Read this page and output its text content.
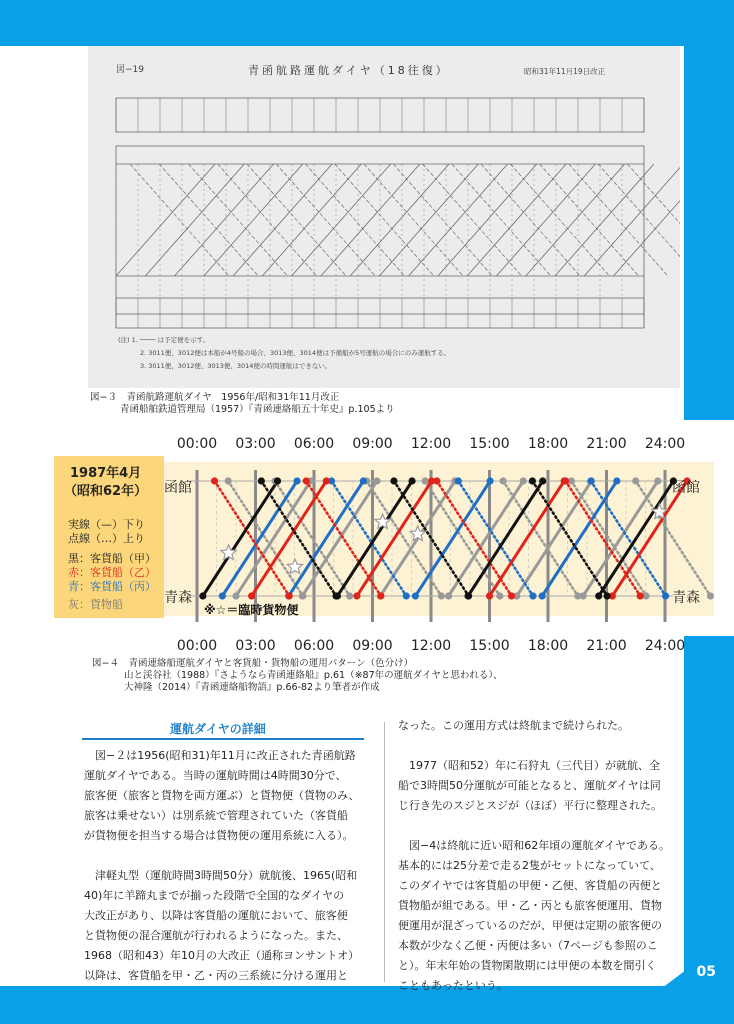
05
図−19	青函航路運航ダイヤ（18往復）	昭和31年11月19日改正
(注) 1. ──── は予定便を示す。
2. 3011便、3012便は本船が4号船の場合、3013便、3014便は予備船が5号運航の場合にのみ運航する。
3. 3011便、3012便、3013便、3014便の時間運航はできない。
図−３　 青函航路運航ダイヤ　1956年/昭和31年11月改正
青函船舶鉄道管理局（1957）『青函連絡船五十年史』p.105より
00:00 03:00 06:00 09:00 12:00 15:00 18:00 21:00 24:00
00:00 03:00 06:00 09:00 12:00 15:00 18:00 21:00 24:00
函館	函館
青森	青森
※☆＝臨時貨物便
1987年4月
（昭和62年）
実線（—）下り
点線（…）上り
黒：客貨船（甲）
赤：客貨船（乙）
青：客貨船（丙）
灰：貨物船
図−４　 青函連絡船運航ダイヤと客貨船・貨物船の運用パターン（色分け）
山と渓谷社（1988）『さようなら青函連絡船』p.61（※87年の運航ダイヤと思われる）、
大神隆（2014）『青函連絡船物語』p.66-82より筆者が作成
運航ダイヤの詳細

　図−２は1956(昭和31)年11月に改正された青函航路

運航ダイヤである。当時の運航時間は4時間30分で、

旅客便（旅客と貨物を両方運ぶ）と貨物便（貨物のみ、

旅客は乗せない）は別系統で管理されていた（客貨船

が貨物便を担当する場合は貨物便の運用系統に入る）。

　津軽丸型（運航時間3時間50分）就航後、1965(昭和

40)年に羊蹄丸までが揃った段階で全国的なダイヤの

大改正があり、以降は客貨船の運航において、旅客便

と貨物便の混合運航が行われるようになった。また、

1968（昭和43）年10月の大改正（通称ヨンサントオ）

以降は、客貨船を甲・乙・丙の三系統に分ける運用と

なった。この運用方式は終航まで続けられた。

　1977（昭和52）年に石狩丸（三代目）が就航、全

船で3時間50分運航が可能となると、運航ダイヤは同

じ行き先のスジとスジが（ほぼ）平行に整理された。

　図−4は終航に近い昭和62年頃の運航ダイヤである。

基本的には25分差で走る2隻がセットになっていて、

このダイヤでは客貨船の甲便・乙便、客貨船の丙便と

貨物船が組である。甲・乙・丙とも旅客便運用、貨物

便運用が混ざっているのだが、甲便は定期の旅客便の

本数が少なく乙便・丙便は多い（7ページも参照のこ

と）。年末年始の貨物閑散期には甲便の本数を間引く

こともあったという。
